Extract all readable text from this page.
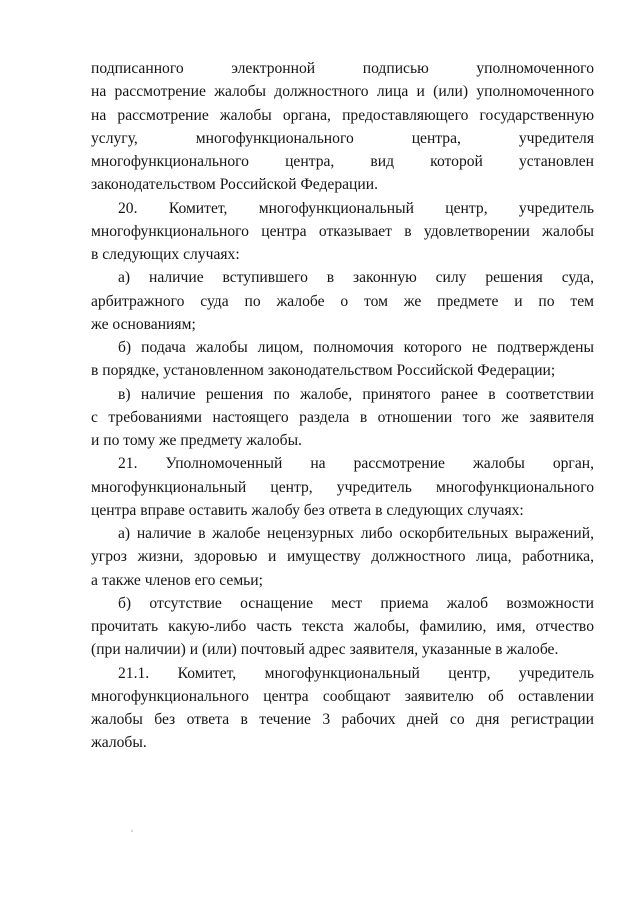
подписанного электронной подписью уполномоченного
на рассмотрение жалобы должностного лица и (или) уполномоченного
на рассмотрение жалобы органа, предоставляющего государственную
услугу, многофункционального центра, учредителя
многофункционального центра, вид которой установлен
законодательством Российской Федерации.
20. Комитет, многофункциональный центр, учредитель
многофункционального центра отказывает в удовлетворении жалобы
в следующих случаях:
а) наличие вступившего в законную силу решения суда,
арбитражного суда по жалобе о том же предмете и по тем
же основаниям;
б) подача жалобы лицом, полномочия которого не подтверждены
в порядке, установленном законодательством Российской Федерации;
в) наличие решения по жалобе, принятого ранее в соответствии
с требованиями настоящего раздела в отношении того же заявителя
и по тому же предмету жалобы.
21. Уполномоченный на рассмотрение жалобы орган,
многофункциональный центр, учредитель многофункционального
центра вправе оставить жалобу без ответа в следующих случаях:
а) наличие в жалобе нецензурных либо оскорбительных выражений,
угроз жизни, здоровью и имуществу должностного лица, работника,
а также членов его семьи;
б) отсутствие оснащение мест приема жалоб возможности
прочитать какую-либо часть текста жалобы, фамилию, имя, отчество
(при наличии) и (или) почтовый адрес заявителя, указанные в жалобе.
21.1. Комитет, многофункциональный центр, учредитель
многофункционального центра сообщают заявителю об оставлении
жалобы без ответа в течение 3 рабочих дней со дня регистрации
жалобы.
